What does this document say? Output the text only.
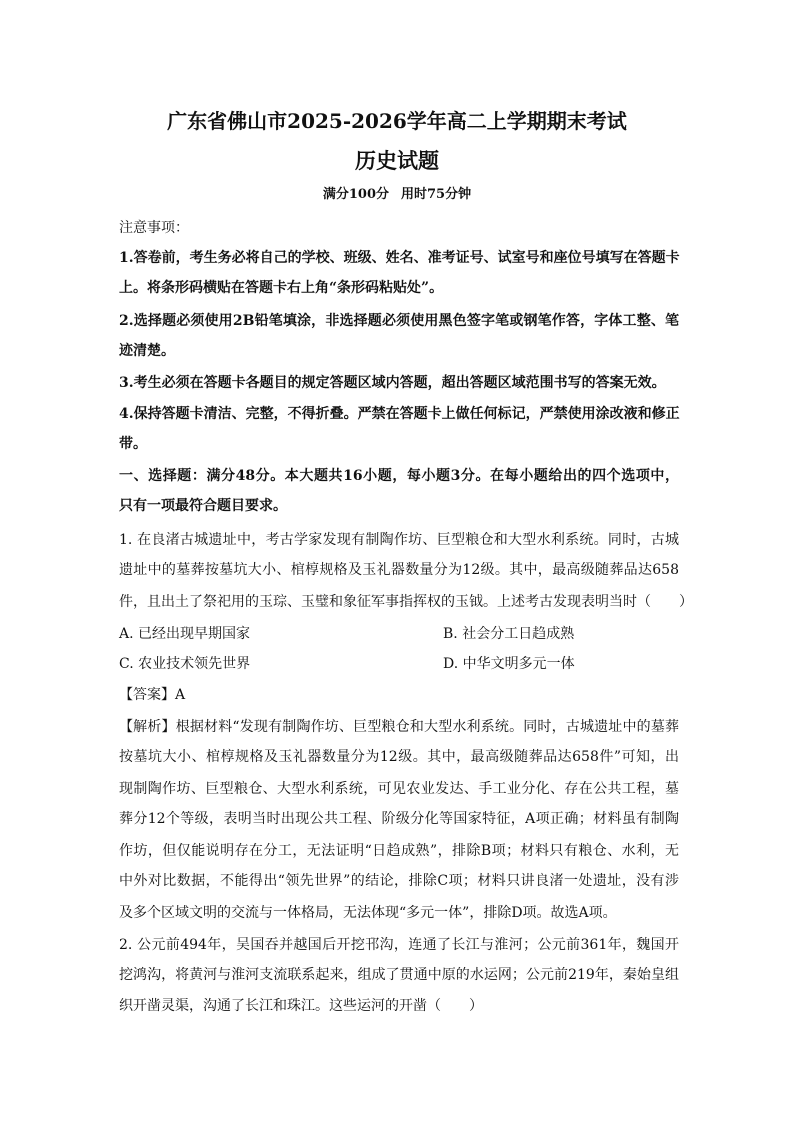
广东省佛山市2025-2026学年高二上学期期末考试
历史试题
满分100分 用时75分钟
注意事项：
1.答卷前，考生务必将自己的学校、班级、姓名、准考证号、试室号和座位号填写在答题卡
上。将条形码横贴在答题卡右上角“条形码粘贴处”。
2.选择题必须使用2B铅笔填涂，非选择题必须使用黑色签字笔或钢笔作答，字体工整、笔
迹清楚。
3.考生必须在答题卡各题目的规定答题区域内答题，超出答题区域范围书写的答案无效。
4.保持答题卡清洁、完整，不得折叠。严禁在答题卡上做任何标记，严禁使用涂改液和修正
带。
一、选择题：满分48分。本大题共16小题，每小题3分。在每小题给出的四个选项中，
只有一项最符合题目要求。
1. 在良渚古城遗址中，考古学家发现有制陶作坊、巨型粮仓和大型水利系统。同时，古城
遗址中的墓葬按墓坑大小、棺椁规格及玉礼器数量分为12级。其中，最高级随葬品达658
件，且出土了祭祀用的玉琮、玉璧和象征军事指挥权的玉钺。上述考古发现表明当时（　　）
A. 已经出现早期国家	B. 社会分工日趋成熟
C. 农业技术领先世界	D. 中华文明多元一体
【答案】A
【解析】根据材料“发现有制陶作坊、巨型粮仓和大型水利系统。同时，古城遗址中的墓葬
按墓坑大小、棺椁规格及玉礼器数量分为12级。其中，最高级随葬品达658件”可知，出
现制陶作坊、巨型粮仓、大型水利系统，可见农业发达、手工业分化、存在公共工程，墓
葬分12个等级，表明当时出现公共工程、阶级分化等国家特征，A项正确；材料虽有制陶
作坊，但仅能说明存在分工，无法证明“日趋成熟”，排除B项；材料只有粮仓、水利，无
中外对比数据，不能得出“领先世界”的结论，排除C项；材料只讲良渚一处遗址，没有涉
及多个区域文明的交流与一体格局，无法体现“多元一体”，排除D项。故选A项。
2. 公元前494年，吴国吞并越国后开挖邗沟，连通了长江与淮河；公元前361年，魏国开
挖鸿沟，将黄河与淮河支流联系起来，组成了贯通中原的水运网；公元前219年，秦始皇组
织开凿灵渠，沟通了长江和珠江。这些运河的开凿（　　）
